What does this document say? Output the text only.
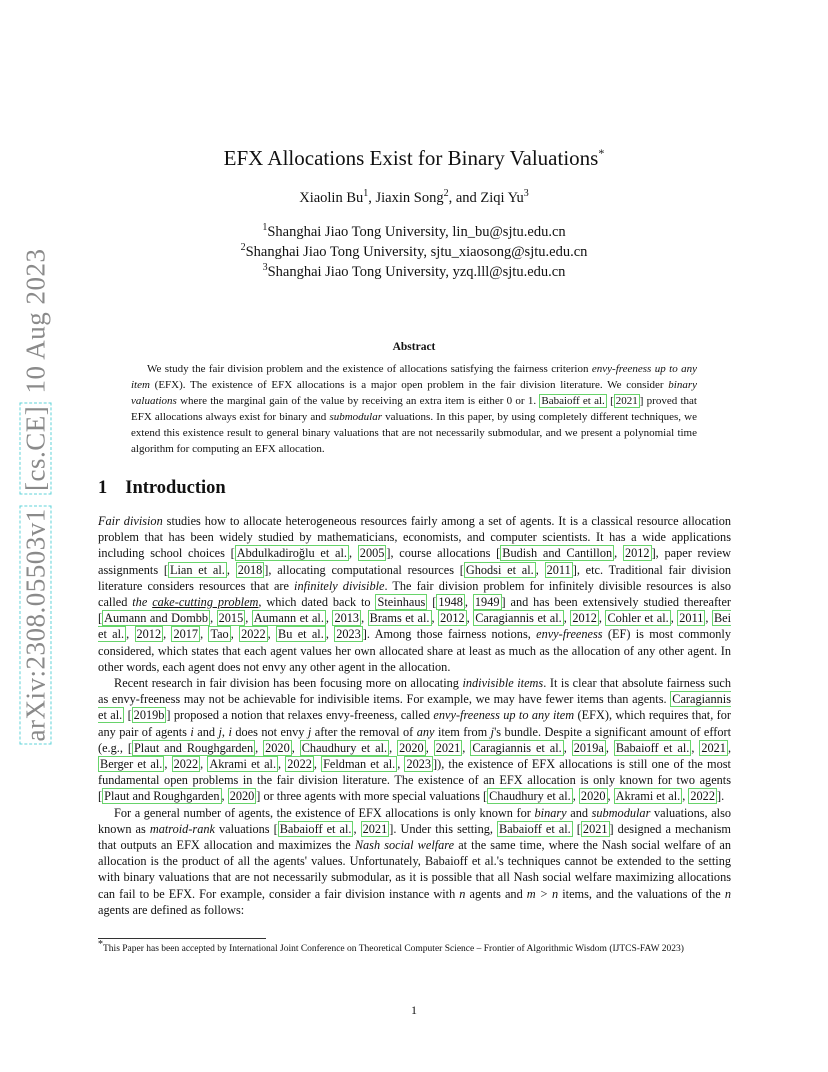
arXiv:2308.05503v1 [cs.CE] 10 Aug 2023
EFX Allocations Exist for Binary Valuations*
Xiaolin Bu$^1$, Jiaxin Song$^2$, and Ziqi Yu$^3$
$^1$Shanghai Jiao Tong University, lin_bu@sjtu.edu.cn
$^2$Shanghai Jiao Tong University, sjtu_xiaosong@sjtu.edu.cn
$^3$Shanghai Jiao Tong University, yzq.lll@sjtu.edu.cn
Abstract

We study the fair division problem and the existence of allocations satisfying the fairness criterion envy-freeness up to any item (EFX). The existence of EFX allocations is a major open problem in the fair division literature. We consider binary valuations where the marginal gain of the value by receiving an extra item is either 0 or 1. Babaioff et al. [ 2021 ] proved that EFX allocations always exist for binary and submodular valuations. In this paper, by using completely different techniques, we extend this existence result to general binary valuations that are not necessarily submodular, and we present a polynomial time algorithm for computing an EFX allocation.

1 Introduction

Fair division studies how to allocate heterogeneous resources fairly among a set of agents. It is a classical resource allocation problem that has been widely studied by mathematicians, economists, and computer scientists. It has a wide applications including school choices [ Abdulkadiroğlu et al. , 2005 ], course allocations [ Budish and Cantillon , 2012 ], paper review assignments [ Lian et al. , 2018 ], allocating computational resources [ Ghodsi et al. , 2011 ], etc. Traditional fair division literature considers resources that are infinitely divisible. The fair division problem for infinitely divisible resources is also called the cake-cutting problem, which dated back to Steinhaus [ 1948 , 1949 ] and has been extensively studied thereafter [ Aumann and Dombb , 2015 , Aumann et al. , 2013 , Brams et al. , 2012 , Caragiannis et al. , 2012 , Cohler et al. , 2011 , Bei et al. , 2012 , 2017 , Tao , 2022 , Bu et al. , 2023 ]. Among those fairness notions, envy-freeness (EF) is most commonly considered, which states that each agent values her own allocated share at least as much as the allocation of any other agent. In other words, each agent does not envy any other agent in the allocation.

Recent research in fair division has been focusing more on allocating indivisible items. It is clear that absolute fairness such as envy-freeness may not be achievable for indivisible items. For example, we may have fewer items than agents. Caragiannis et al. [ 2019b ] proposed a notion that relaxes envy-freeness, called envy-freeness up to any item (EFX), which requires that, for any pair of agents i and j, i does not envy j after the removal of any item from j's bundle. Despite a significant amount of effort (e.g., [ Plaut and Roughgarden , 2020 , Chaudhury et al. , 2020 , 2021 , Caragiannis et al. , 2019a , Babaioff et al. , 2021 , Berger et al. , 2022 , Akrami et al. , 2022 , Feldman et al. , 2023 ]), the existence of EFX allocations is still one of the most fundamental open problems in the fair division literature. The existence of an EFX allocation is only known for two agents [ Plaut and Roughgarden , 2020 ] or three agents with more special valuations [ Chaudhury et al. , 2020 , Akrami et al. , 2022 ].

For a general number of agents, the existence of EFX allocations is only known for binary and submodular valuations, also known as matroid-rank valuations [ Babaioff et al. , 2021 ]. Under this setting, Babaioff et al. [ 2021 ] designed a mechanism that outputs an EFX allocation and maximizes the Nash social welfare at the same time, where the Nash social welfare of an allocation is the product of all the agents' values. Unfortunately, Babaioff et al.'s techniques cannot be extended to the setting with binary valuations that are not necessarily submodular, as it is possible that all Nash social welfare maximizing allocations can fail to be EFX. For example, consider a fair division instance with n agents and m > n items, and the valuations of the n agents are defined as follows:

*This Paper has been accepted by International Joint Conference on Theoretical Computer Science – Frontier of Algorithmic Wisdom (IJTCS-FAW 2023)
1
